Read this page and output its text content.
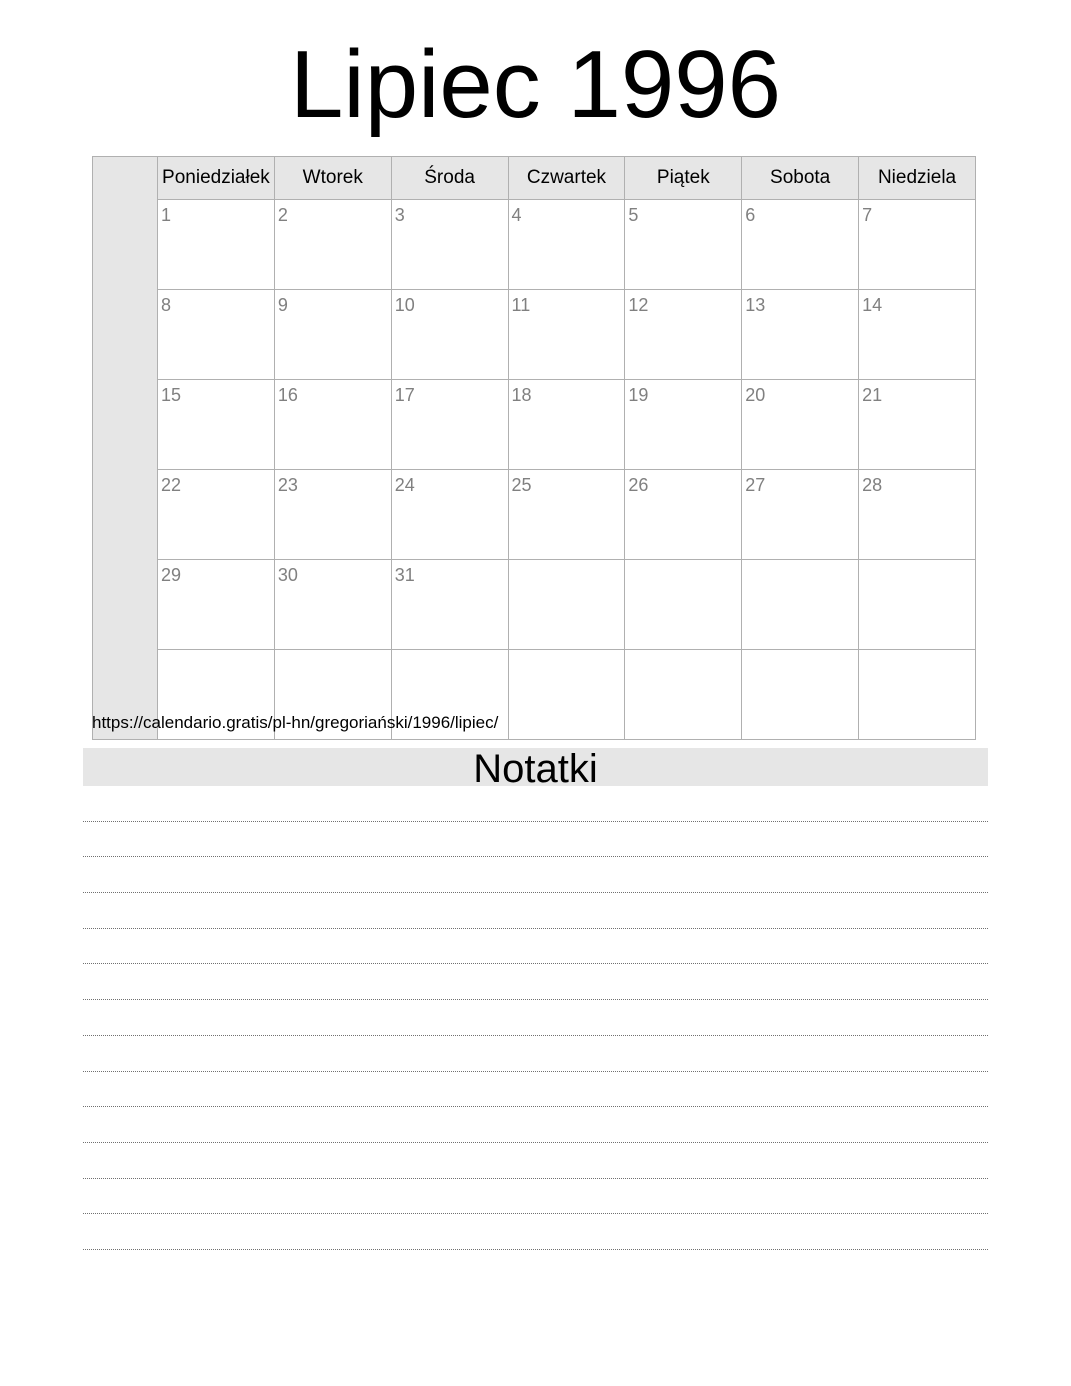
Lipiec 1996
	Poniedziałek	Wtorek	Środa	Czwartek	Piątek	Sobota	Niedziela
	1	2	3	4	5	6	7
	8	9	10	11	12	13	14
	15	16	17	18	19	20	21
	22	23	24	25	26	27	28
	29	30	31				

https://calendario.gratis/pl-hn/gregoriański/1996/lipiec/
Notatki
